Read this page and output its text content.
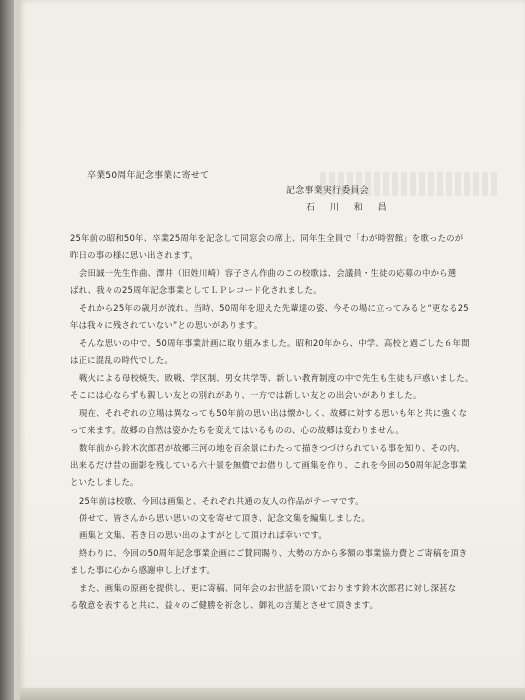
卒業50周年記念事業に寄せて
記念事業実行委員会
石 川 和 昌
25年前の昭和50年、卒業25周年を記念して同窓会の席上、同年生全員で「わが時習館」を歌ったのが
昨日の事の様に思い出されます。
会田誠一先生作曲、澤井（旧姓川崎）容子さん作曲のこの校歌は、会議員・生徒の応募の中から選
ばれ、我々の25周年記念事業としてＬＰレコード化されました。
それから25年の歳月が流れ、当時、50周年を迎えた先輩達の姿、今その場に立ってみると“更なる25
年は我々に残されていない”との思いがあります。
そんな思いの中で、50周年事業計画に取り組みました。昭和20年から、中学、高校と過ごした６年間
は正に混乱の時代でした。
戦火による母校焼失、敗戦、学区制、男女共学等、新しい教育制度の中で先生も生徒も戸惑いました。
そこには心ならずも親しい友との別れがあり、一方では新しい友との出会いがありました。
現在、それぞれの立場は異なっても50年前の思い出は懐かしく、故郷に対する思いも年と共に強くな
って来ます。故郷の自然は姿かたちを変えてはいるものの、心の故郷は変わりません。
数年前から鈴木次郎君が故郷三河の地を百余景にわたって描きつづけられている事を知り、その内、
出来るだけ昔の面影を残している六十景を無償でお借りして画集を作り、これを今回の50周年記念事業
といたしました。
25年前は校歌、今回は画集と、それぞれ共通の友人の作品がテーマです。
併せて、皆さんから思い思いの文を寄せて頂き、記念文集を編集しました。
画集と文集、若き日の思い出のよすがとして頂ければ幸いです。
終わりに、今回の50周年記念事業企画にご賛同賜り、大勢の方から多額の事業協力費とご寄稿を頂き
ました事に心から感謝申し上げます。
また、画集の原画を提供し、更に寄稿、同年会のお世話を頂いております鈴木次郎君に対し深甚な
る敬意を表すると共に、益々のご健勝を祈念し、御礼の言葉とさせて頂きます。
